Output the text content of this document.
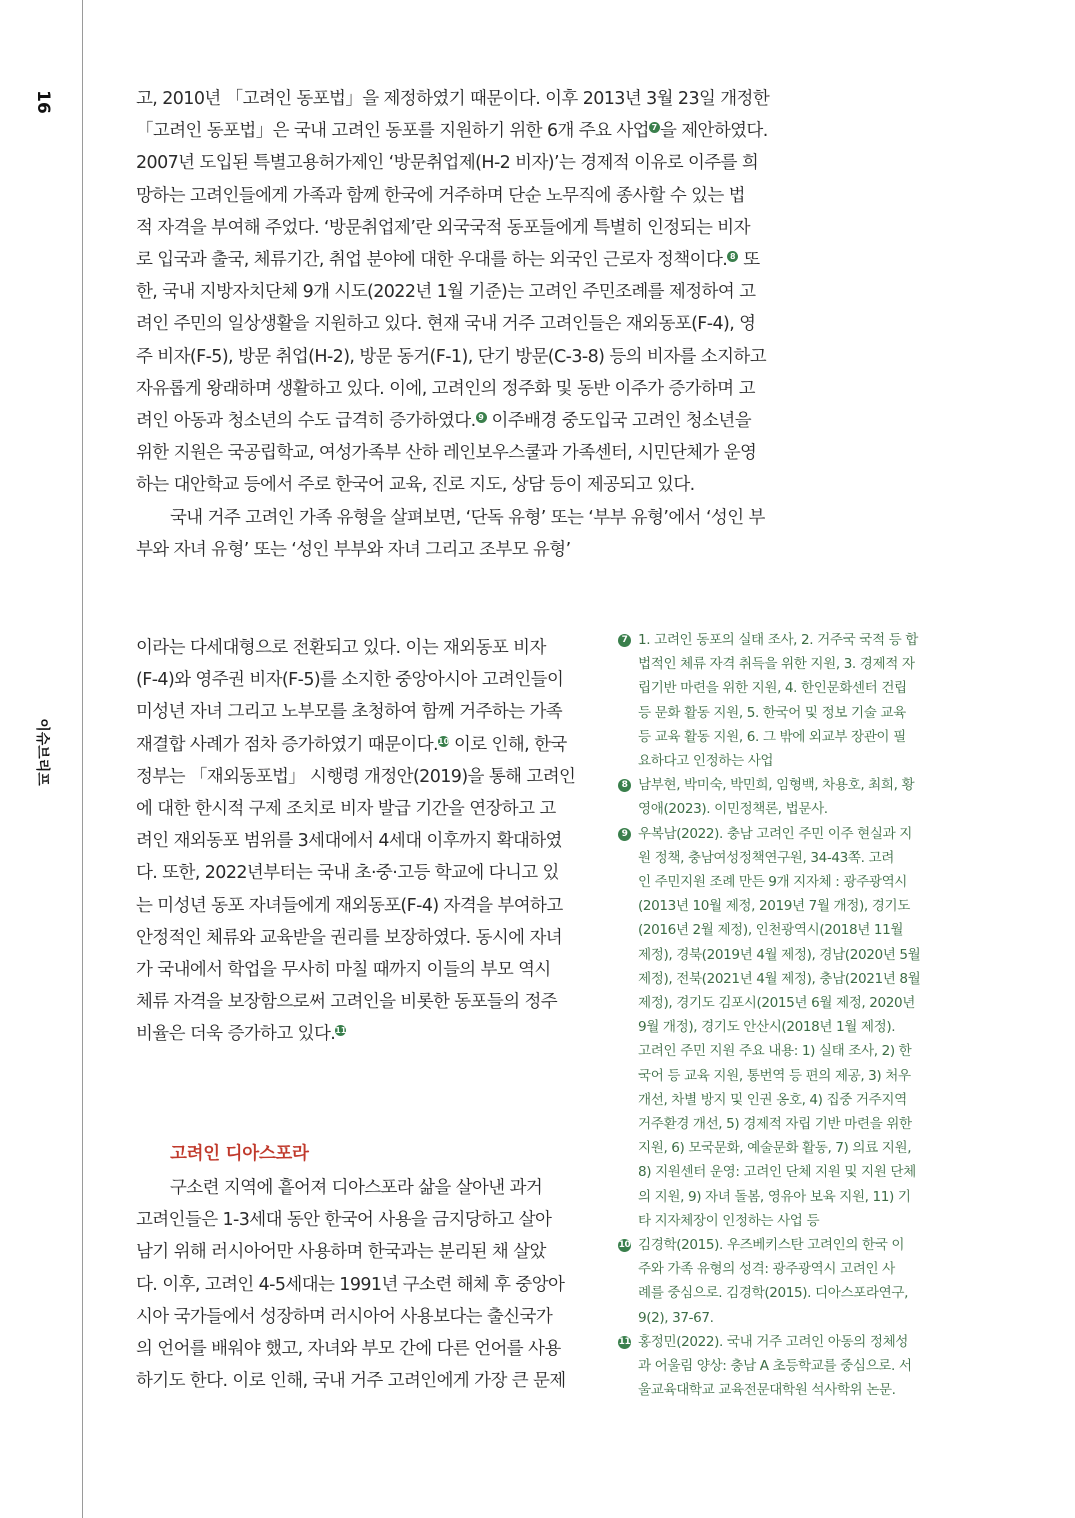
16
이슈브리프
고, 2010년 「고려인 동포법」을 제정하였기 때문이다. 이후 2013년 3월 23일 개정한
「고려인 동포법」은 국내 고려인 동포를 지원하기 위한 6개 주요 사업 7 을 제안하였다.
2007년 도입된 특별고용허가제인 ‘방문취업제(H-2 비자)’는 경제적 이유로 이주를 희
망하는 고려인들에게 가족과 함께 한국에 거주하며 단순 노무직에 종사할 수 있는 법
적 자격을 부여해 주었다. ‘방문취업제’란 외국국적 동포들에게 특별히 인정되는 비자
로 입국과 출국, 체류기간, 취업 분야에 대한 우대를 하는 외국인 근로자 정책이다. 8 또
한, 국내 지방자치단체 9개 시도(2022년 1월 기준)는 고려인 주민조례를 제정하여 고
려인 주민의 일상생활을 지원하고 있다. 현재 국내 거주 고려인들은 재외동포(F-4), 영
주 비자(F-5), 방문 취업(H-2), 방문 동거(F-1), 단기 방문(C-3-8) 등의 비자를 소지하고
자유롭게 왕래하며 생활하고 있다. 이에, 고려인의 정주화 및 동반 이주가 증가하며 고
려인 아동과 청소년의 수도 급격히 증가하였다. 9 이주배경 중도입국 고려인 청소년을
위한 지원은 국공립학교, 여성가족부 산하 레인보우스쿨과 가족센터, 시민단체가 운영
하는 대안학교 등에서 주로 한국어 교육, 진로 지도, 상담 등이 제공되고 있다.
국내 거주 고려인 가족 유형을 살펴보면, ‘단독 유형’ 또는 ‘부부 유형’에서 ‘성인 부
부와 자녀 유형’ 또는 ‘성인 부부와 자녀 그리고 조부모 유형’
이라는 다세대형으로 전환되고 있다. 이는 재외동포 비자
(F-4)와 영주권 비자(F-5)를 소지한 중앙아시아 고려인들이
미성년 자녀 그리고 노부모를 초청하여 함께 거주하는 가족
재결합 사례가 점차 증가하였기 때문이다.10 이로 인해, 한국
정부는 「재외동포법」 시행령 개정안(2019)을 통해 고려인
에 대한 한시적 구제 조치로 비자 발급 기간을 연장하고 고
려인 재외동포 범위를 3세대에서 4세대 이후까지 확대하였
다. 또한, 2022년부터는 국내 초·중·고등 학교에 다니고 있
는 미성년 동포 자녀들에게 재외동포(F-4) 자격을 부여하고
안정적인 체류와 교육받을 권리를 보장하였다. 동시에 자녀
가 국내에서 학업을 무사히 마칠 때까지 이들의 부모 역시
체류 자격을 보장함으로써 고려인을 비롯한 동포들의 정주
비율은 더욱 증가하고 있다.11
고려인 디아스포라
구소련 지역에 흩어져 디아스포라 삶을 살아낸 과거
고려인들은 1-3세대 동안 한국어 사용을 금지당하고 살아
남기 위해 러시아어만 사용하며 한국과는 분리된 채 살았
다. 이후, 고려인 4-5세대는 1991년 구소련 해체 후 중앙아
시아 국가들에서 성장하며 러시아어 사용보다는 출신국가
의 언어를 배워야 했고, 자녀와 부모 간에 다른 언어를 사용
하기도 한다. 이로 인해, 국내 거주 고려인에게 가장 큰 문제
7 1. 고려인 동포의 실태 조사, 2. 거주국 국적 등 합
법적인 체류 자격 취득을 위한 지원, 3. 경제적 자
립기반 마련을 위한 지원, 4. 한인문화센터 건립
등 문화 활동 지원, 5. 한국어 및 정보 기술 교육
등 교육 활동 지원, 6. 그 밖에 외교부 장관이 필
요하다고 인정하는 사업
8 남부현, 박미숙, 박민희, 임형백, 차용호, 최희, 황
영애(2023). 이민정책론, 법문사.
9 우복남(2022). 충남 고려인 주민 이주 현실과 지
원 정책, 충남여성정책연구원, 34-43쪽. 고려
인 주민지원 조례 만든 9개 지자체 : 광주광역시
(2013년 10월 제정, 2019년 7월 개정), 경기도
(2016년 2월 제정), 인천광역시(2018년 11월
제정), 경북(2019년 4월 제정), 경남(2020년 5월
제정), 전북(2021년 4월 제정), 충남(2021년 8월
제정), 경기도 김포시(2015년 6월 제정, 2020년
9월 개정), 경기도 안산시(2018년 1월 제정).
고려인 주민 지원 주요 내용: 1) 실태 조사, 2) 한
국어 등 교육 지원, 통번역 등 편의 제공, 3) 처우
개선, 차별 방지 및 인권 옹호, 4) 집중 거주지역
거주환경 개선, 5) 경제적 자립 기반 마련을 위한
지원, 6) 모국문화, 예술문화 활동, 7) 의료 지원,
8) 지원센터 운영: 고려인 단체 지원 및 지원 단체
의 지원, 9) 자녀 돌봄, 영유아 보육 지원, 11) 기
타 지자체장이 인정하는 사업 등
10 김경학(2015). 우즈베키스탄 고려인의 한국 이
주와 가족 유형의 성격: 광주광역시 고려인 사
례를 중심으로. 김경학(2015). 디아스포라연구,
9(2), 37-67.
11 홍정민(2022). 국내 거주 고려인 아동의 정체성
과 어울림 양상: 충남 A 초등학교를 중심으로. 서
울교육대학교 교육전문대학원 석사학위 논문.
